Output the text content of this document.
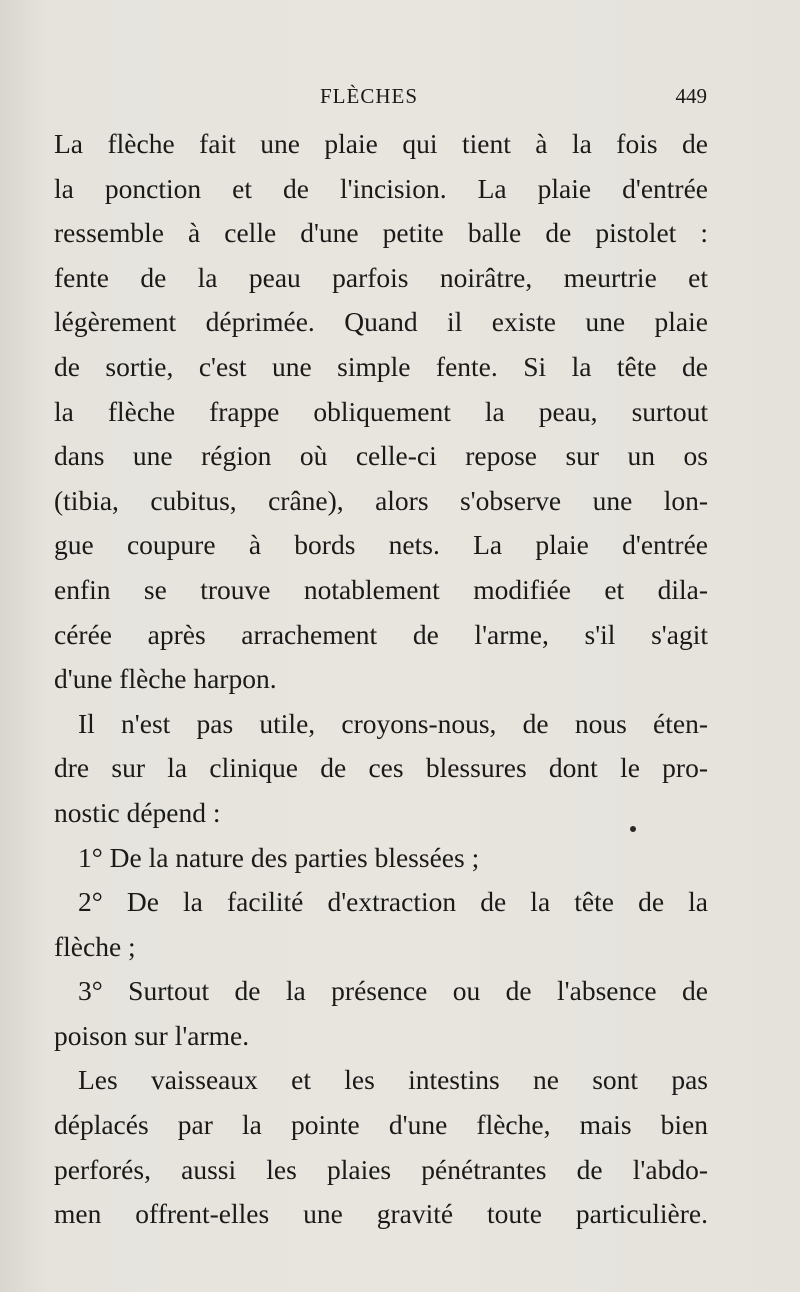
FLÈCHES	449
La flèche fait une plaie qui tient à la fois de
la ponction et de l'incision. La plaie d'entrée
ressemble à celle d'une petite balle de pistolet :
fente de la peau parfois noirâtre, meurtrie et
légèrement déprimée. Quand il existe une plaie
de sortie, c'est une simple fente. Si la tête de
la flèche frappe obliquement la peau, surtout
dans une région où celle-ci repose sur un os
(tibia, cubitus, crâne), alors s'observe une lon-
gue coupure à bords nets. La plaie d'entrée
enfin se trouve notablement modifiée et dila-
cérée après arrachement de l'arme, s'il s'agit
d'une flèche harpon.
Il n'est pas utile, croyons-nous, de nous éten-
dre sur la clinique de ces blessures dont le pro-
nostic dépend :
1° De la nature des parties blessées ;
2° De la facilité d'extraction de la tête de la
flèche ;
3° Surtout de la présence ou de l'absence de
poison sur l'arme.
Les vaisseaux et les intestins ne sont pas
déplacés par la pointe d'une flèche, mais bien
perforés, aussi les plaies pénétrantes de l'abdo-
men offrent-elles une gravité toute particulière.
